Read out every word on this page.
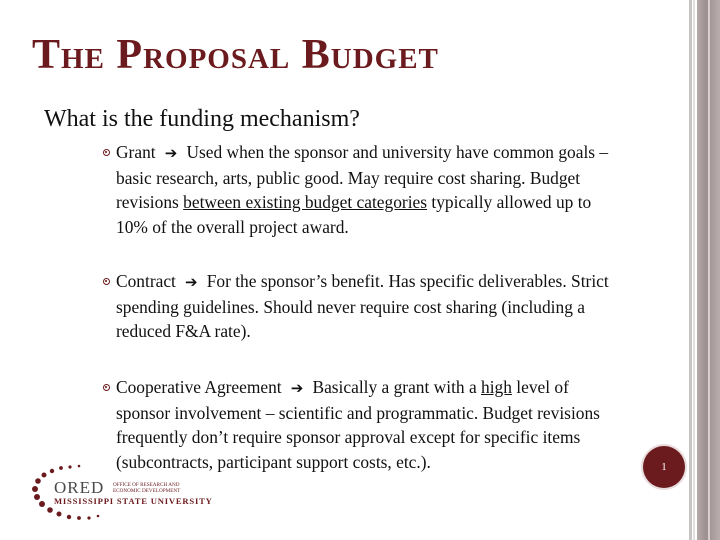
The Proposal Budget
What is the funding mechanism?
Grant  ➔  Used when the sponsor and university have common goals – basic research, arts, public good. May require cost sharing. Budget revisions between existing budget categories typically allowed up to 10% of the overall project award.
Contract  ➔  For the sponsor’s benefit. Has specific deliverables. Strict spending guidelines. Should never require cost sharing (including a reduced F&A rate).
Cooperative Agreement  ➔  Basically a grant with a high level of sponsor involvement – scientific and programmatic. Budget revisions frequently don’t require sponsor approval except for specific items (subcontracts, participant support costs, etc.).
ORED OFFICE OF RESEARCH AND
ECONOMIC DEVELOPMENT
MISSISSIPPI STATE UNIVERSITY
1
